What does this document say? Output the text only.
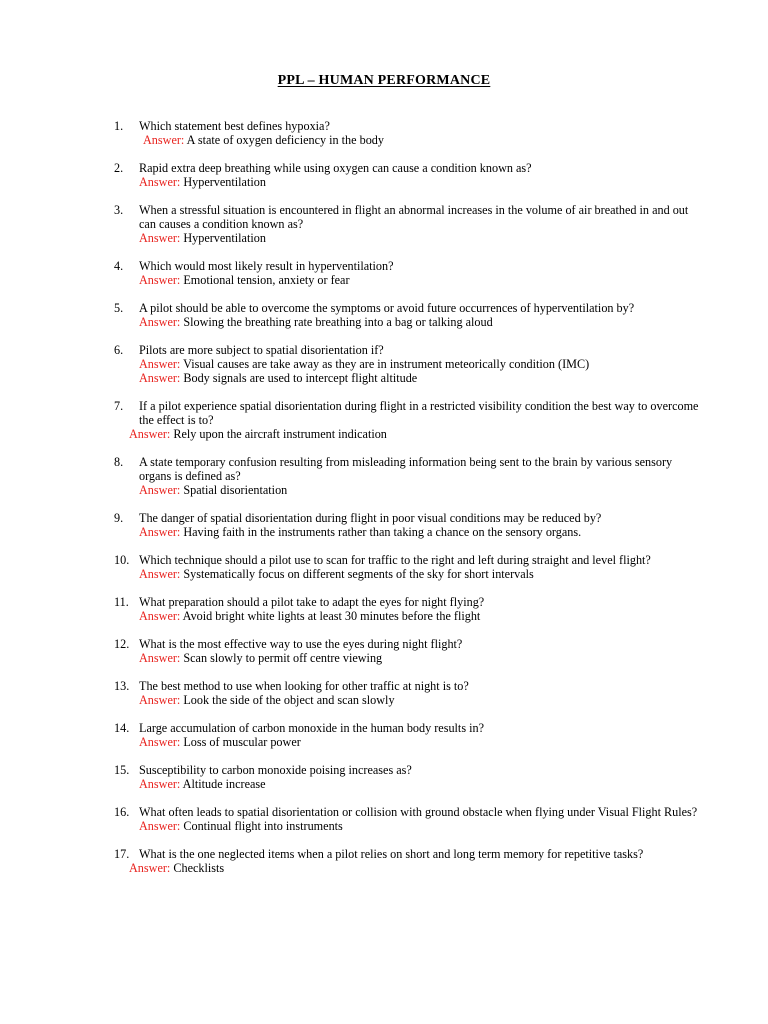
PPL – HUMAN PERFORMANCE
1.	Which statement best defines hypoxia?
Answer: A state of oxygen deficiency in the body
2.	Rapid extra deep breathing while using oxygen can cause a condition known as?
Answer: Hyperventilation
3.	When a stressful situation is encountered in flight an abnormal increases in the volume of air breathed in and out can causes a condition known as?
Answer: Hyperventilation
4.	Which would most likely result in hyperventilation?
Answer: Emotional tension, anxiety or fear
5.	A pilot should be able to overcome the symptoms or avoid future occurrences of hyperventilation by?
Answer: Slowing the breathing rate breathing into a bag or talking aloud
6.	Pilots are more subject to spatial disorientation if?
Answer: Visual causes are take away as they are in instrument meteorically condition (IMC)
Answer: Body signals are used to intercept flight altitude
7.	If a pilot experience spatial disorientation during flight in a restricted visibility condition the best way to overcome the effect is to?
Answer: Rely upon the aircraft instrument indication
8.	A state temporary confusion resulting from misleading information being sent to the brain by various sensory organs is defined as?
Answer: Spatial disorientation
9.	The danger of spatial disorientation during flight in poor visual conditions may be reduced by?
Answer: Having faith in the instruments rather than taking a chance on the sensory organs.
10. Which technique should a pilot use to scan for traffic to the right and left during straight and level flight?
Answer: Systematically focus on different segments of the sky for short intervals
11. What preparation should a pilot take to adapt the eyes for night flying?
Answer: Avoid bright white lights at least 30 minutes before the flight
12. What is the most effective way to use the eyes during night flight?
Answer: Scan slowly to permit off centre viewing
13. The best method to use when looking for other traffic at night is to?
Answer: Look the side of the object and scan slowly
14. Large accumulation of carbon monoxide in the human body results in?
Answer: Loss of muscular power
15. Susceptibility to carbon monoxide poising increases as?
Answer: Altitude increase
16. What often leads to spatial disorientation or collision with ground obstacle when flying under Visual Flight Rules?
Answer: Continual flight into instruments
17. What is the one neglected items when a pilot relies on short and long term memory for repetitive tasks?
Answer: Checklists
